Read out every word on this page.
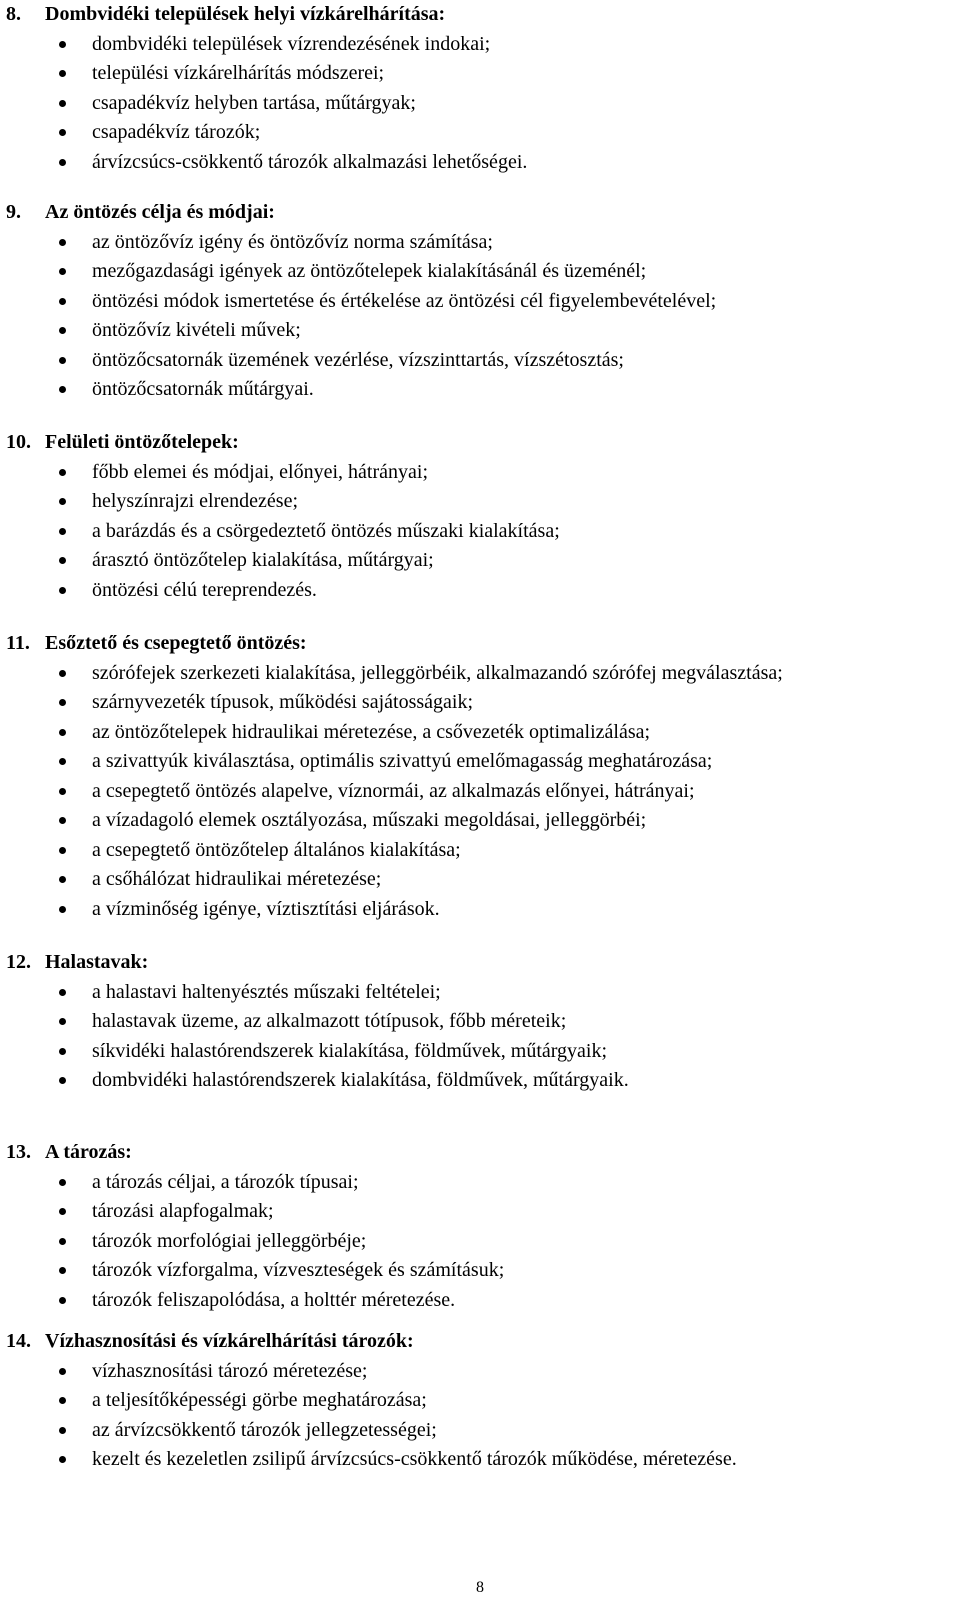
8. Dombvidéki települések helyi vízkárelhárítása:
dombvidéki települések vízrendezésének indokai;
települési vízkárelhárítás módszerei;
csapadékvíz helyben tartása, műtárgyak;
csapadékvíz tározók;
árvízcsúcs-csökkentő tározók alkalmazási lehetőségei.
9. Az öntözés célja és módjai:
az öntözővíz igény és öntözővíz norma számítása;
mezőgazdasági igények az öntözőtelepek kialakításánál és üzeménél;
öntözési módok ismertetése és értékelése az öntözési cél figyelembevételével;
öntözővíz kivételi művek;
öntözőcsatornák üzemének vezérlése, vízszinttartás, vízszétosztás;
öntözőcsatornák műtárgyai.
10. Felületi öntözőtelepek:
főbb elemei és módjai, előnyei, hátrányai;
helyszínrajzi elrendezése;
a barázdás és a csörgedeztető öntözés műszaki kialakítása;
árasztó öntözőtelep kialakítása, műtárgyai;
öntözési célú tereprendezés.
11. Esőztető és csepegtető öntözés:
szórófejek szerkezeti kialakítása, jelleggörbéik, alkalmazandó szórófej megválasztása;
szárnyvezeték típusok, működési sajátosságaik;
az öntözőtelepek hidraulikai méretezése, a csővezeték optimalizálása;
a szivattyúk kiválasztása, optimális szivattyú emelőmagasság meghatározása;
a csepegtető öntözés alapelve, víznormái, az alkalmazás előnyei, hátrányai;
a vízadagoló elemek osztályozása, műszaki megoldásai, jelleggörbéi;
a csepegtető öntözőtelep általános kialakítása;
a csőhálózat hidraulikai méretezése;
a vízminőség igénye, víztisztítási eljárások.
12. Halastavak:
a halastavi haltenyésztés műszaki feltételei;
halastavak üzeme, az alkalmazott tótípusok, főbb méreteik;
síkvidéki halastórendszerek kialakítása, földművek, műtárgyaik;
dombvidéki halastórendszerek kialakítása, földművek, műtárgyaik.
13. A tározás:
a tározás céljai, a tározók típusai;
tározási alapfogalmak;
tározók morfológiai jelleggörbéje;
tározók vízforgalma, vízveszteségek és számításuk;
tározók feliszapolódása, a holttér méretezése.
14. Vízhasznosítási és vízkárelhárítási tározók:
vízhasznosítási tározó méretezése;
a teljesítőképességi görbe meghatározása;
az árvízcsökkentő tározók jellegzetességei;
kezelt és kezeletlen zsilipű árvízcsúcs-csökkentő tározók működése, méretezése.
8
